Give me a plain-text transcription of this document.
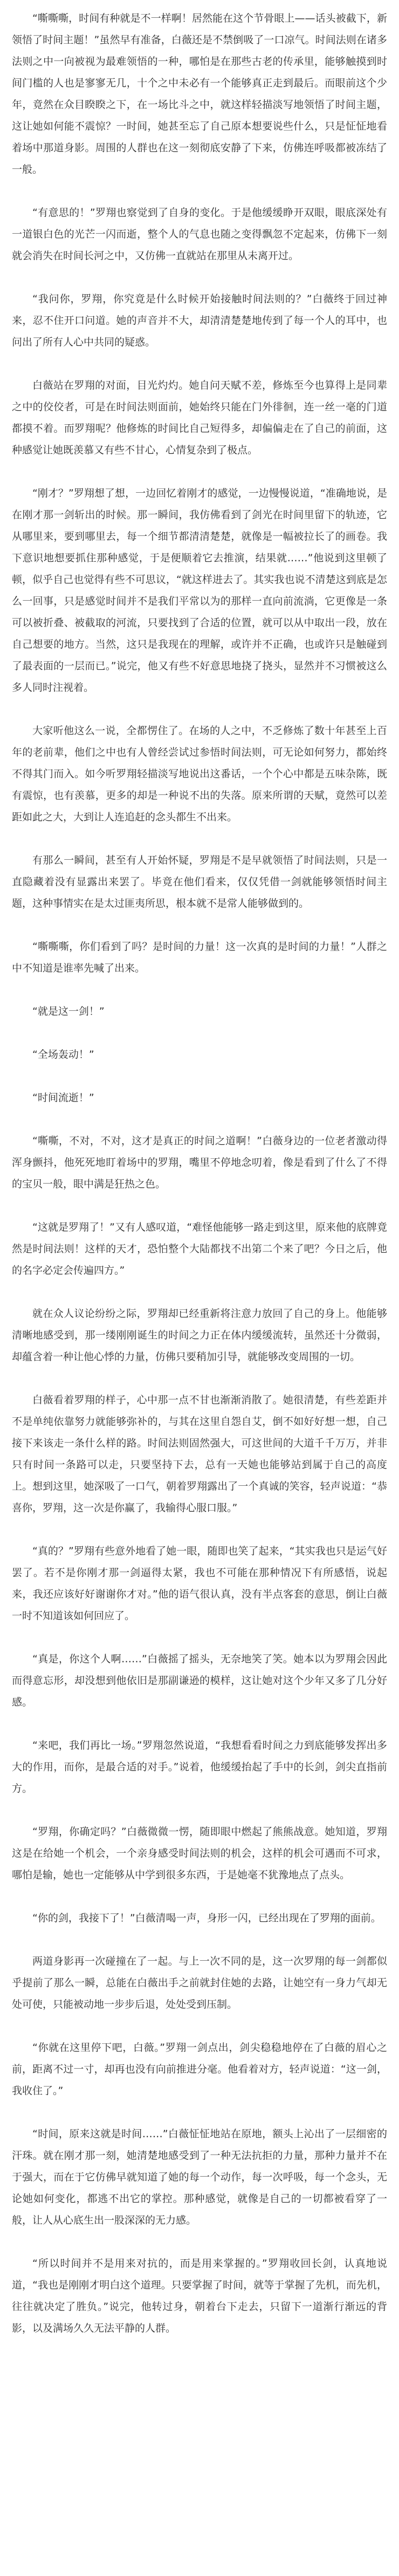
“嘶嘶嘶，时间有种就是不一样啊！居然能在这个节骨眼上——话头被截下，新领悟了时间主题！”虽然早有准备，白薇还是不禁倒吸了一口凉气。时间法则在诸多法则之中一向被视为最难领悟的一种，哪怕是在那些古老的传承里，能够触摸到时间门槛的人也是寥寥无几，十个之中未必有一个能够真正走到最后。而眼前这个少年，竟然在众目睽睽之下，在一场比斗之中，就这样轻描淡写地领悟了时间主题，这让她如何能不震惊？一时间，她甚至忘了自己原本想要说些什么，只是怔怔地看着场中那道身影。周围的人群也在这一刻彻底安静了下来，仿佛连呼吸都被冻结了一般。

“有意思的！”罗翔也察觉到了自身的变化。于是他缓缓睁开双眼，眼底深处有一道银白色的光芒一闪而逝，整个人的气息也随之变得飘忽不定起来，仿佛下一刻就会消失在时间长河之中，又仿佛一直就站在那里从未离开过。

“我问你，罗翔，你究竟是什么时候开始接触时间法则的？”白薇终于回过神来，忍不住开口问道。她的声音并不大，却清清楚楚地传到了每一个人的耳中，也问出了所有人心中共同的疑惑。

白薇站在罗翔的对面，目光灼灼。她自问天赋不差，修炼至今也算得上是同辈之中的佼佼者，可是在时间法则面前，她始终只能在门外徘徊，连一丝一毫的门道都摸不着。而罗翔呢？他修炼的时间比自己短得多，却偏偏走在了自己的前面，这种感觉让她既羡慕又有些不甘心，心情复杂到了极点。

“刚才？”罗翔想了想，一边回忆着刚才的感觉，一边慢慢说道，“准确地说，是在刚才那一剑斩出的时候。那一瞬间，我仿佛看到了剑光在时间里留下的轨迹，它从哪里来，要到哪里去，每一个细节都清清楚楚，就像是一幅被拉长了的画卷。我下意识地想要抓住那种感觉，于是便顺着它去推演，结果就……”他说到这里顿了顿，似乎自己也觉得有些不可思议，“就这样进去了。其实我也说不清楚这到底是怎么一回事，只是感觉时间并不是我们平常以为的那样一直向前流淌，它更像是一条可以被折叠、被截取的河流，只要找到了合适的位置，就可以从中取出一段，放在自己想要的地方。当然，这只是我现在的理解，或许并不正确，也或许只是触碰到了最表面的一层而已。”说完，他又有些不好意思地挠了挠头，显然并不习惯被这么多人同时注视着。

大家听他这么一说，全都愣住了。在场的人之中，不乏修炼了数十年甚至上百年的老前辈，他们之中也有人曾经尝试过参悟时间法则，可无论如何努力，都始终不得其门而入。如今听罗翔轻描淡写地说出这番话，一个个心中都是五味杂陈，既有震惊，也有羡慕，更多的却是一种说不出的失落。原来所谓的天赋，竟然可以差距如此之大，大到让人连追赶的念头都生不出来。

有那么一瞬间，甚至有人开始怀疑，罗翔是不是早就领悟了时间法则，只是一直隐藏着没有显露出来罢了。毕竟在他们看来，仅仅凭借一剑就能够领悟时间主题，这种事情实在是太过匪夷所思，根本就不是常人能够做到的。

“嘶嘶嘶，你们看到了吗？是时间的力量！这一次真的是时间的力量！”人群之中不知道是谁率先喊了出来。

“就是这一剑！”

“全场轰动！”

“时间流逝！”

“嘶嘶，不对，不对，这才是真正的时间之道啊！”白薇身边的一位老者激动得浑身颤抖，他死死地盯着场中的罗翔，嘴里不停地念叨着，像是看到了什么了不得的宝贝一般，眼中满是狂热之色。

“这就是罗翔了！”又有人感叹道，“难怪他能够一路走到这里，原来他的底牌竟然是时间法则！这样的天才，恐怕整个大陆都找不出第二个来了吧？今日之后，他的名字必定会传遍四方。”

就在众人议论纷纷之际，罗翔却已经重新将注意力放回了自己的身上。他能够清晰地感受到，那一缕刚刚诞生的时间之力正在体内缓缓流转，虽然还十分微弱，却蕴含着一种让他心悸的力量，仿佛只要稍加引导，就能够改变周围的一切。

白薇看着罗翔的样子，心中那一点不甘也渐渐消散了。她很清楚，有些差距并不是单纯依靠努力就能够弥补的，与其在这里自怨自艾，倒不如好好想一想，自己接下来该走一条什么样的路。时间法则固然强大，可这世间的大道千千万万，并非只有时间一条路可以走，只要坚持下去，总有一天她也能够站到属于自己的高度上。想到这里，她深吸了一口气，朝着罗翔露出了一个真诚的笑容，轻声说道：“恭喜你，罗翔，这一次是你赢了，我输得心服口服。”

“真的？”罗翔有些意外地看了她一眼，随即也笑了起来，“其实我也只是运气好罢了。若不是你刚才那一剑逼得太紧，我也不可能在那种情况下有所感悟，说起来，我还应该好好谢谢你才对。”他的语气很认真，没有半点客套的意思，倒让白薇一时不知道该如何回应了。

“真是，你这个人啊……”白薇摇了摇头，无奈地笑了笑。她本以为罗翔会因此而得意忘形，却没想到他依旧是那副谦逊的模样，这让她对这个少年又多了几分好感。

“来吧，我们再比一场。”罗翔忽然说道，“我想看看时间之力到底能够发挥出多大的作用，而你，是最合适的对手。”说着，他缓缓抬起了手中的长剑，剑尖直指前方。

“罗翔，你确定吗？”白薇微微一愣，随即眼中燃起了熊熊战意。她知道，罗翔这是在给她一个机会，一个亲身感受时间法则的机会，这样的机会可遇而不可求，哪怕是输，她也一定能够从中学到很多东西，于是她毫不犹豫地点了点头。

“你的剑，我接下了！”白薇清喝一声，身形一闪，已经出现在了罗翔的面前。

两道身影再一次碰撞在了一起。与上一次不同的是，这一次罗翔的每一剑都似乎提前了那么一瞬，总能在白薇出手之前就封住她的去路，让她空有一身力气却无处可使，只能被动地一步步后退，处处受到压制。

“你就在这里停下吧，白薇。”罗翔一剑点出，剑尖稳稳地停在了白薇的眉心之前，距离不过一寸，却再也没有向前推进分毫。他看着对方，轻声说道：“这一剑，我收住了。”

“时间，原来这就是时间……”白薇怔怔地站在原地，额头上沁出了一层细密的汗珠。就在刚才那一刻，她清楚地感受到了一种无法抗拒的力量，那种力量并不在于强大，而在于它仿佛早就知道了她的每一个动作，每一次呼吸，每一个念头，无论她如何变化，都逃不出它的掌控。那种感觉，就像是自己的一切都被看穿了一般，让人从心底生出一股深深的无力感。

“所以时间并不是用来对抗的，而是用来掌握的。”罗翔收回长剑，认真地说道，“我也是刚刚才明白这个道理。只要掌握了时间，就等于掌握了先机，而先机，往往就决定了胜负。”说完，他转过身，朝着台下走去，只留下一道渐行渐远的背影，以及满场久久无法平静的人群。
